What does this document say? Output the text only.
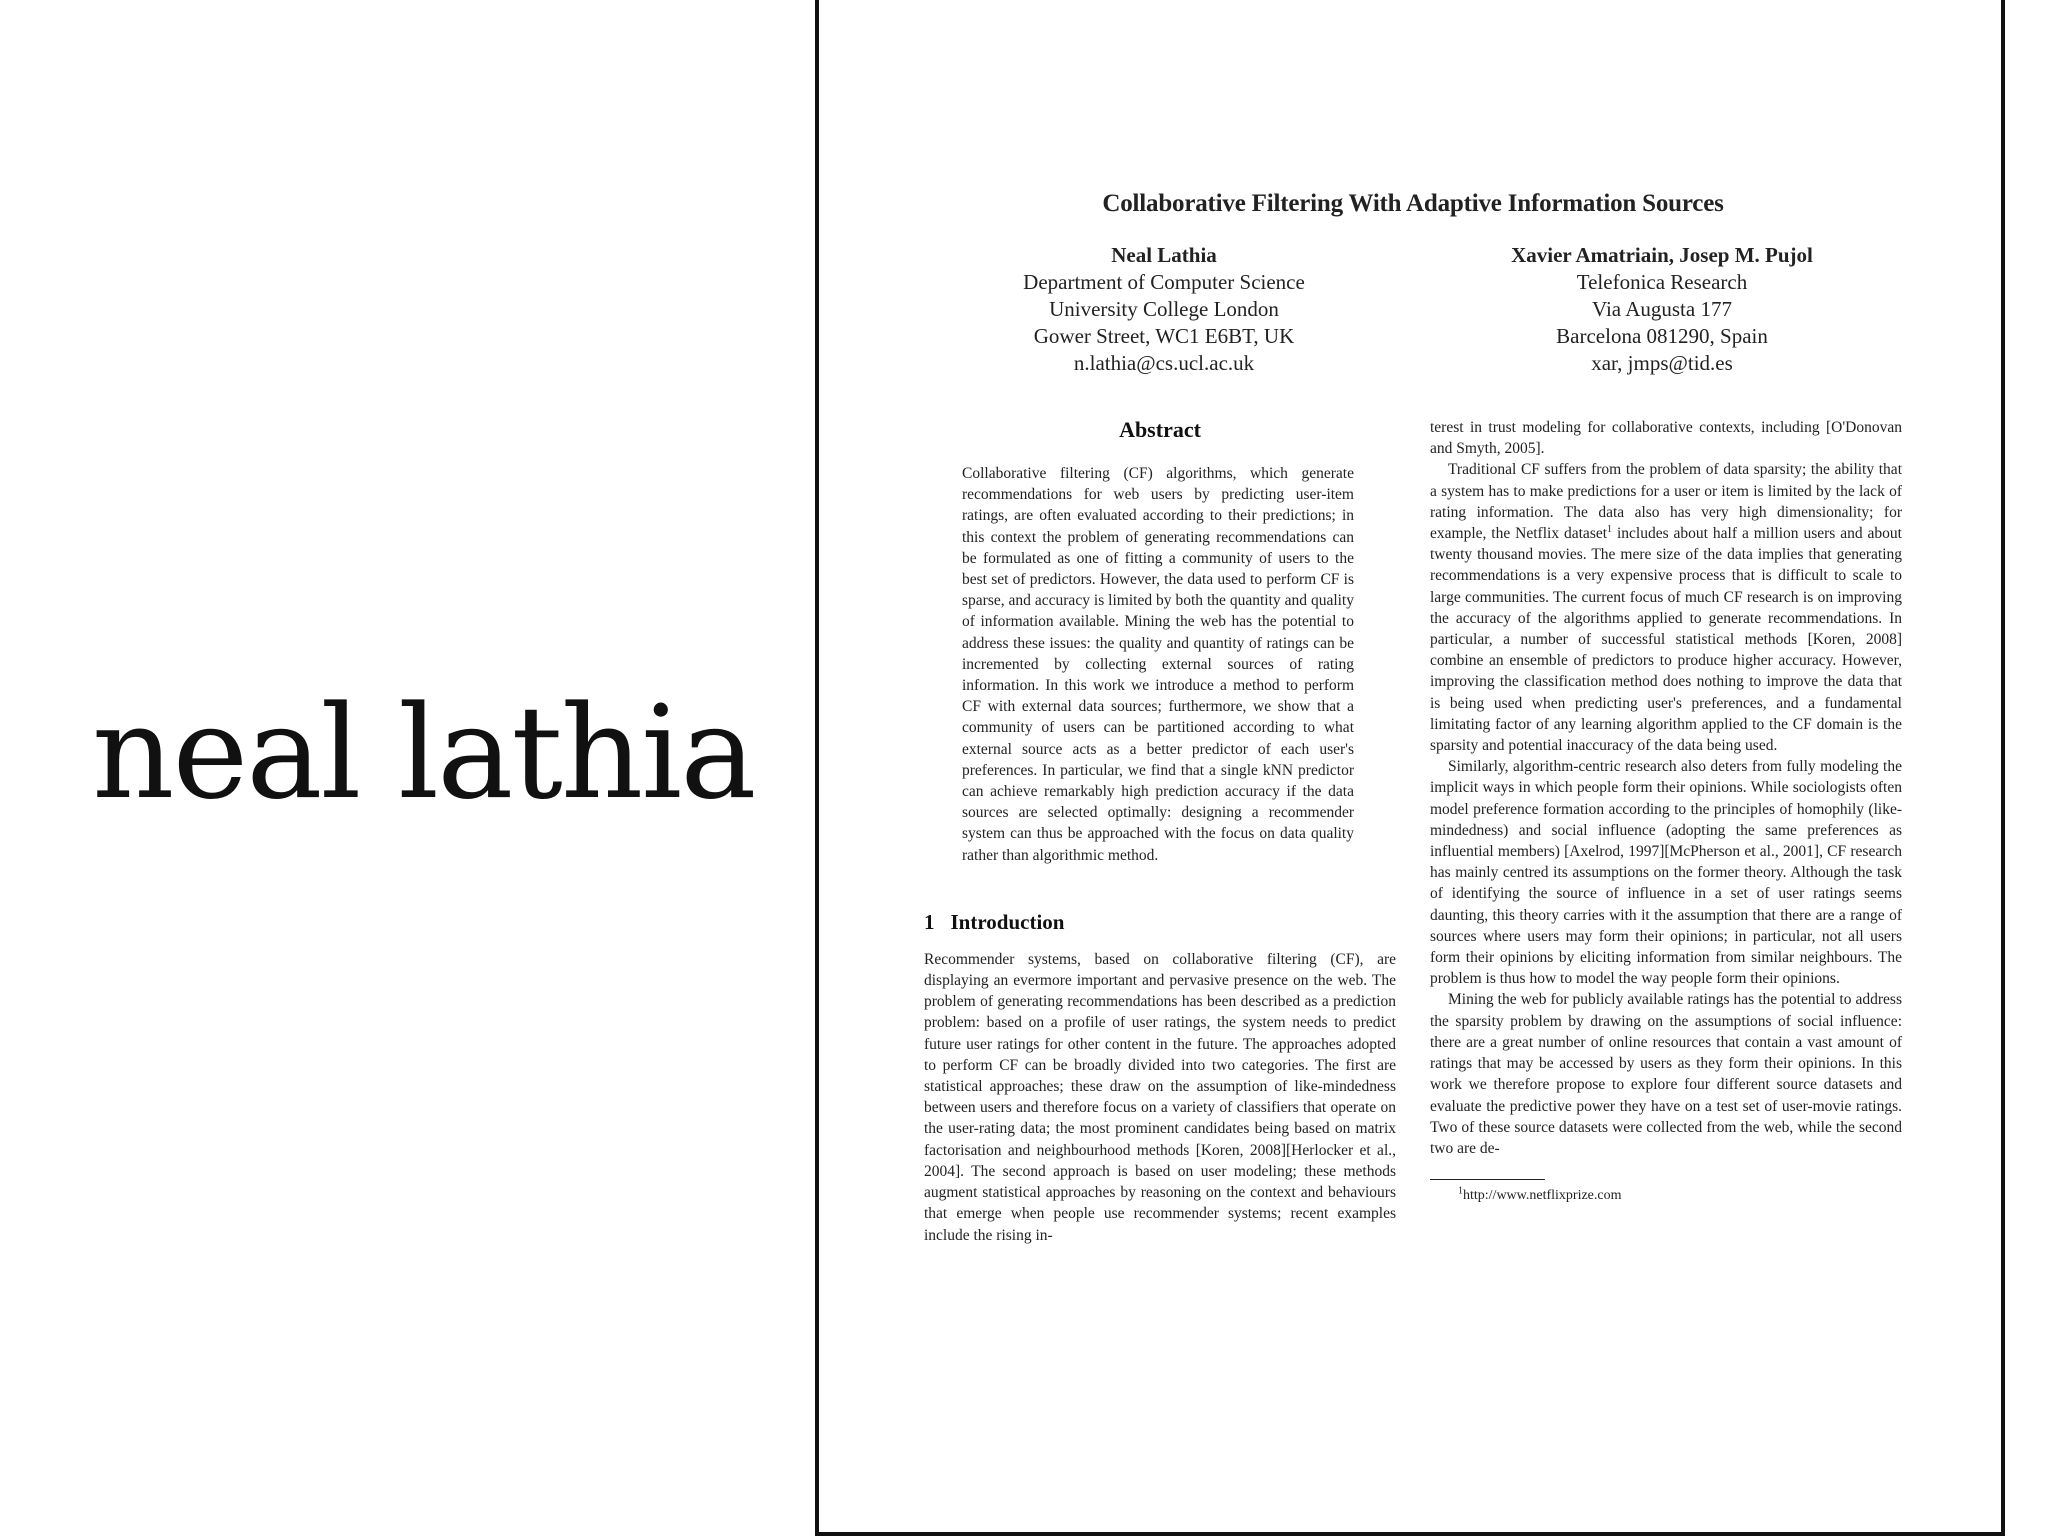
neal lathia
Collaborative Filtering With Adaptive Information Sources
Neal Lathia
Department of Computer Science
University College London
Gower Street, WC1 E6BT, UK
n.lathia@cs.ucl.ac.uk
Xavier Amatriain, Josep M. Pujol
Telefonica Research
Via Augusta 177
Barcelona 081290, Spain
xar, jmps@tid.es
Abstract

Collaborative filtering (CF) algorithms, which generate recommendations for web users by predicting user-item ratings, are often evaluated according to their predictions; in this context the problem of generating recommendations can be formulated as one of fitting a community of users to the best set of predictors. However, the data used to perform CF is sparse, and accuracy is limited by both the quantity and quality of information available. Mining the web has the potential to address these issues: the quality and quantity of ratings can be incremented by collecting external sources of rating information. In this work we introduce a method to perform CF with external data sources; furthermore, we show that a community of users can be partitioned according to what external source acts as a better predictor of each user's preferences. In particular, we find that a single kNN predictor can achieve remarkably high prediction accuracy if the data sources are selected optimally: designing a recommender system can thus be approached with the focus on data quality rather than algorithmic method.

1 Introduction

Recommender systems, based on collaborative filtering (CF), are displaying an evermore important and pervasive presence on the web. The problem of generating recommendations has been described as a prediction problem: based on a profile of user ratings, the system needs to predict future user ratings for other content in the future. The approaches adopted to perform CF can be broadly divided into two categories. The first are statistical approaches; these draw on the assumption of like-mindedness between users and therefore focus on a variety of classifiers that operate on the user-rating data; the most prominent candidates being based on matrix factorisation and neighbourhood methods [Koren, 2008][Herlocker et al., 2004]. The second approach is based on user modeling; these methods augment statistical approaches by reasoning on the context and behaviours that emerge when people use recommender systems; recent examples include the rising in-

terest in trust modeling for collaborative contexts, including [O'Donovan and Smyth, 2005].

Traditional CF suffers from the problem of data sparsity; the ability that a system has to make predictions for a user or item is limited by the lack of rating information. The data also has very high dimensionality; for example, the Netflix dataset$^1$ includes about half a million users and about twenty thousand movies. The mere size of the data implies that generating recommendations is a very expensive process that is difficult to scale to large communities. The current focus of much CF research is on improving the accuracy of the algorithms applied to generate recommendations. In particular, a number of successful statistical methods [Koren, 2008] combine an ensemble of predictors to produce higher accuracy. However, improving the classification method does nothing to improve the data that is being used when predicting user's preferences, and a fundamental limitating factor of any learning algorithm applied to the CF domain is the sparsity and potential inaccuracy of the data being used.

Similarly, algorithm-centric research also deters from fully modeling the implicit ways in which people form their opinions. While sociologists often model preference formation according to the principles of homophily (like-mindedness) and social influence (adopting the same preferences as influential members) [Axelrod, 1997][McPherson et al., 2001], CF research has mainly centred its assumptions on the former theory. Although the task of identifying the source of influence in a set of user ratings seems daunting, this theory carries with it the assumption that there are a range of sources where users may form their opinions; in particular, not all users form their opinions by eliciting information from similar neighbours. The problem is thus how to model the way people form their opinions.

Mining the web for publicly available ratings has the potential to address the sparsity problem by drawing on the assumptions of social influence: there are a great number of online resources that contain a vast amount of ratings that may be accessed by users as they form their opinions. In this work we therefore propose to explore four different source datasets and evaluate the predictive power they have on a test set of user-movie ratings. Two of these source datasets were collected from the web, while the second two are de-

$^1$http://www.netflixprize.com
